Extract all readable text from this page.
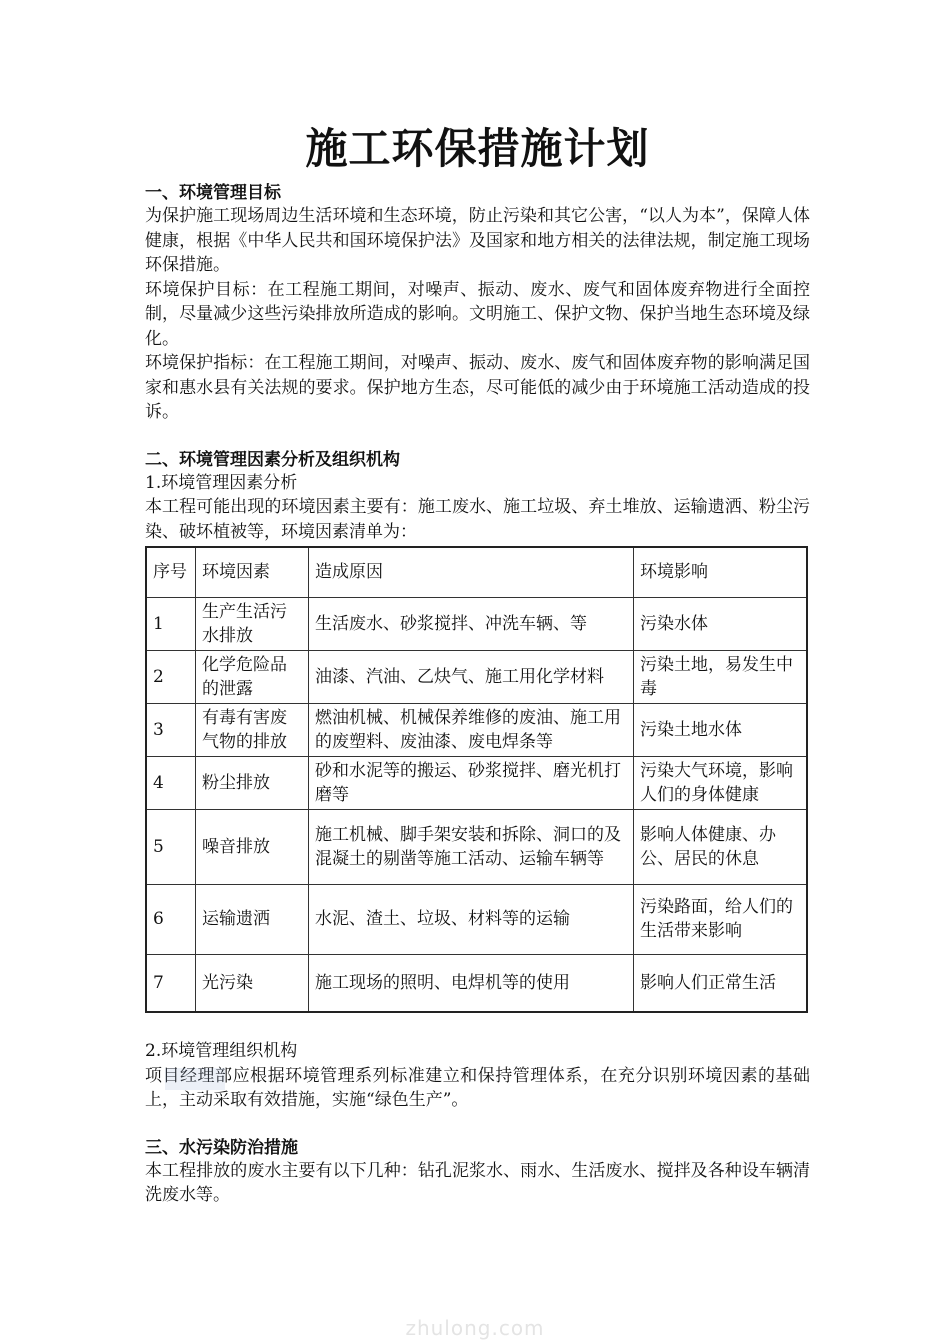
施工环保措施计划

一、环境管理目标

为保护施工现场周边生活环境和生态环境，防止污染和其它公害，“以人为本”，保障人体健康，根据《中华人民共和国环境保护法》及国家和地方相关的法律法规，制定施工现场环保措施。

环境保护目标：在工程施工期间，对噪声、振动、废水、废气和固体废弃物进行全面控制，尽量减少这些污染排放所造成的影响。文明施工、保护文物、保护当地生态环境及绿化。

环境保护指标：在工程施工期间，对噪声、振动、废水、废气和固体废弃物的影响满足国家和惠水县有关法规的要求。保护地方生态，尽可能低的减少由于环境施工活动造成的投诉。

二、环境管理因素分析及组织机构

1.环境管理因素分析

本工程可能出现的环境因素主要有：施工废水、施工垃圾、弃土堆放、运输遗洒、粉尘污染、破坏植被等，环境因素清单为：

序号	环境因素	造成原因	环境影响
1	生产生活污水排放	生活废水、砂浆搅拌、冲洗车辆、等	污染水体
2	化学危险品的泄露	油漆、汽油、乙炔气、施工用化学材料	污染土地，易发生中毒
3	有毒有害废气物的排放	燃油机械、机械保养维修的废油、施工用的废塑料、废油漆、废电焊条等	污染土地水体
4	粉尘排放	砂和水泥等的搬运、砂浆搅拌、磨光机打磨等	污染大气环境，影响人们的身体健康
5	噪音排放	施工机械、脚手架安装和拆除、洞口的及混凝土的剔凿等施工活动、运输车辆等	影响人体健康、办公、居民的休息
6	运输遗洒	水泥、渣土、垃圾、材料等的运输	污染路面，给人们的生活带来影响
7	光污染	施工现场的照明、电焊机等的使用	影响人们正常生活

2.环境管理组织机构

项目经理部应根据环境管理系列标准建立和保持管理体系，在充分识别环境因素的基础上，主动采取有效措施，实施“绿色生产”。

三、水污染防治措施

本工程排放的废水主要有以下几种：钻孔泥浆水、雨水、生活废水、搅拌及各种设车辆清洗废水等。

zhulong.com
